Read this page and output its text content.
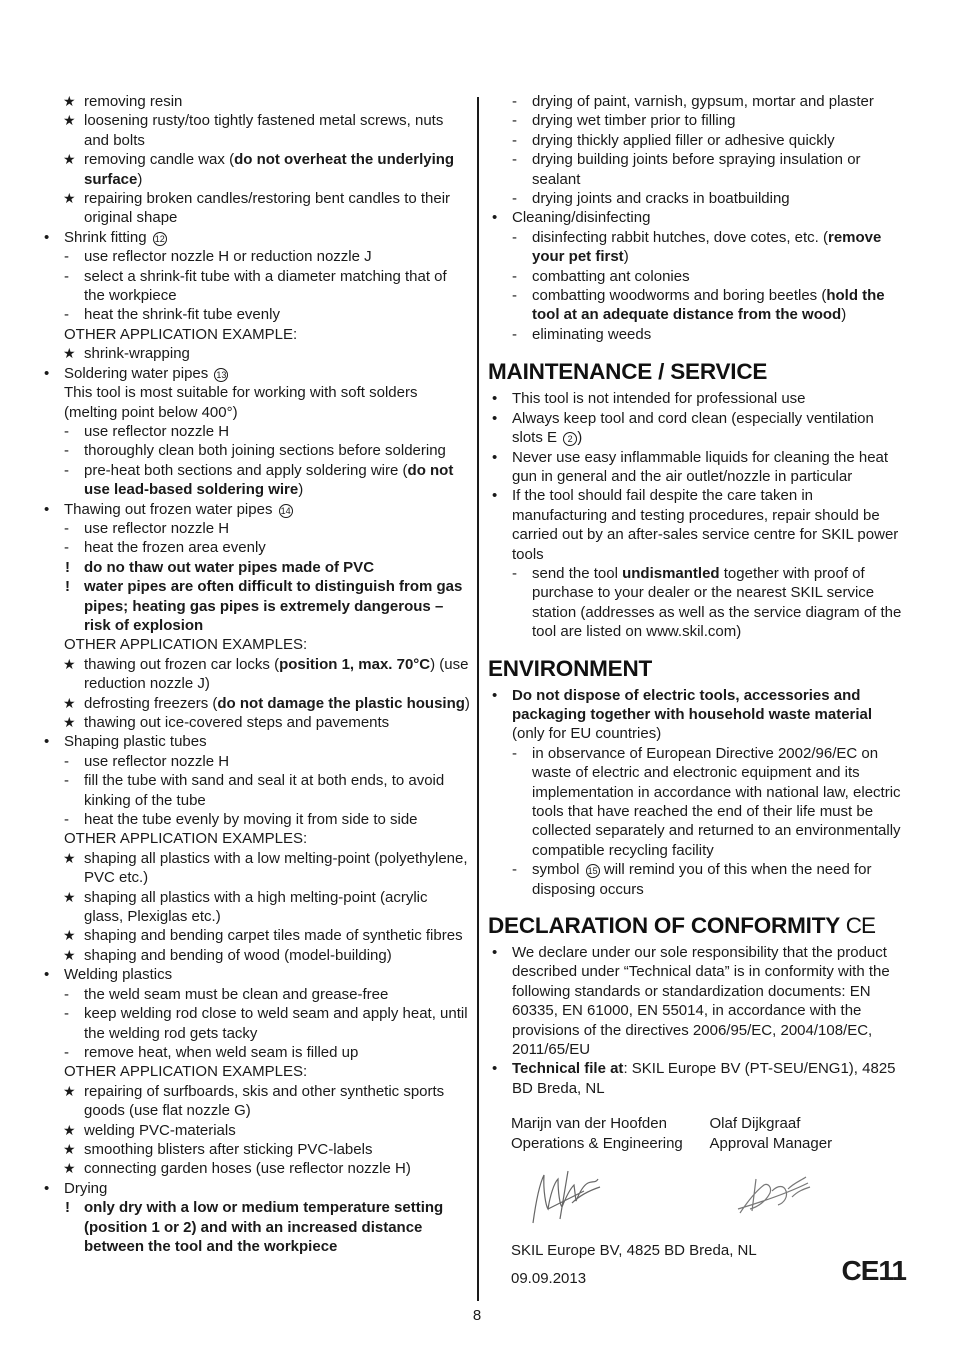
★ removing resin
★ loosening rusty/too tightly fastened metal screws, nuts and bolts
★ removing candle wax (do not overheat the underlying surface)
★ repairing broken candles/restoring bent candles to their original shape
• Shrink fitting 12
- use reflector nozzle H or reduction nozzle J
- select a shrink-fit tube with a diameter matching that of the workpiece
- heat the shrink-fit tube evenly
OTHER APPLICATION EXAMPLE:
★ shrink-wrapping
• Soldering water pipes 13
This tool is most suitable for working with soft solders (melting point below 400°)
- use reflector nozzle H
- thoroughly clean both joining sections before soldering
- pre-heat both sections and apply soldering wire (do not use lead-based soldering wire)
• Thawing out frozen water pipes 14
- use reflector nozzle H
- heat the frozen area evenly
! do no thaw out water pipes made of PVC
! water pipes are often difficult to distinguish from gas pipes; heating gas pipes is extremely dangerous – risk of explosion
OTHER APPLICATION EXAMPLES:
★ thawing out frozen car locks (position 1, max. 70°C) (use reduction nozzle J)
★ defrosting freezers (do not damage the plastic housing)
★ thawing out ice-covered steps and pavements
• Shaping plastic tubes
- use reflector nozzle H
- fill the tube with sand and seal it at both ends, to avoid kinking of the tube
- heat the tube evenly by moving it from side to side
OTHER APPLICATION EXAMPLES:
★ shaping all plastics with a low melting-point (polyethylene, PVC etc.)
★ shaping all plastics with a high melting-point (acrylic glass, Plexiglas etc.)
★ shaping and bending carpet tiles made of synthetic fibres
★ shaping and bending of wood (model-building)
• Welding plastics
- the weld seam must be clean and grease-free
- keep welding rod close to weld seam and apply heat, until the welding rod gets tacky
- remove heat, when weld seam is filled up
OTHER APPLICATION EXAMPLES:
★ repairing of surfboards, skis and other synthetic sports goods (use flat nozzle G)
★ welding PVC-materials
★ smoothing blisters after sticking PVC-labels
★ connecting garden hoses (use reflector nozzle H)
• Drying
! only dry with a low or medium temperature setting (position 1 or 2) and with an increased distance between the tool and the workpiece
- drying of paint, varnish, gypsum, mortar and plaster
- drying wet timber prior to filling
- drying thickly applied filler or adhesive quickly
- drying building joints before spraying insulation or sealant
- drying joints and cracks in boatbuilding
• Cleaning/disinfecting
- disinfecting rabbit hutches, dove cotes, etc. (remove your pet first)
- combatting ant colonies
- combatting woodworms and boring beetles (hold the tool at an adequate distance from the wood)
- eliminating weeds
MAINTENANCE / SERVICE
• This tool is not intended for professional use
• Always keep tool and cord clean (especially ventilation slots E 2 )
• Never use easy inflammable liquids for cleaning the heat gun in general and the air outlet/nozzle in particular
• If the tool should fail despite the care taken in manufacturing and testing procedures, repair should be carried out by an after-sales service centre for SKIL power tools
- send the tool undismantled together with proof of purchase to your dealer or the nearest SKIL service station (addresses as well as the service diagram of the tool are listed on www.skil.com)
ENVIRONMENT
• Do not dispose of electric tools, accessories and packaging together with household waste material (only for EU countries)
- in observance of European Directive 2002/96/EC on waste of electric and electronic equipment and its implementation in accordance with national law, electric tools that have reached the end of their life must be collected separately and returned to an environmentally compatible recycling facility
- symbol 15 will remind you of this when the need for disposing occurs
DECLARATION OF CONFORMITY CE
• We declare under our sole responsibility that the product described under “Technical data” is in conformity with the following standards or standardization documents: EN 60335, EN 61000, EN 55014, in accordance with the provisions of the directives 2006/95/EC, 2004/108/EC, 2011/65/EU
• Technical file at: SKIL Europe BV (PT-SEU/ENG1), 4825 BD Breda, NL
Marijn van der Hoofden
Operations & Engineering
Olaf Dijkgraaf
Approval Manager
SKIL Europe BV, 4825 BD Breda, NL
09.09.2013	CE11
8
